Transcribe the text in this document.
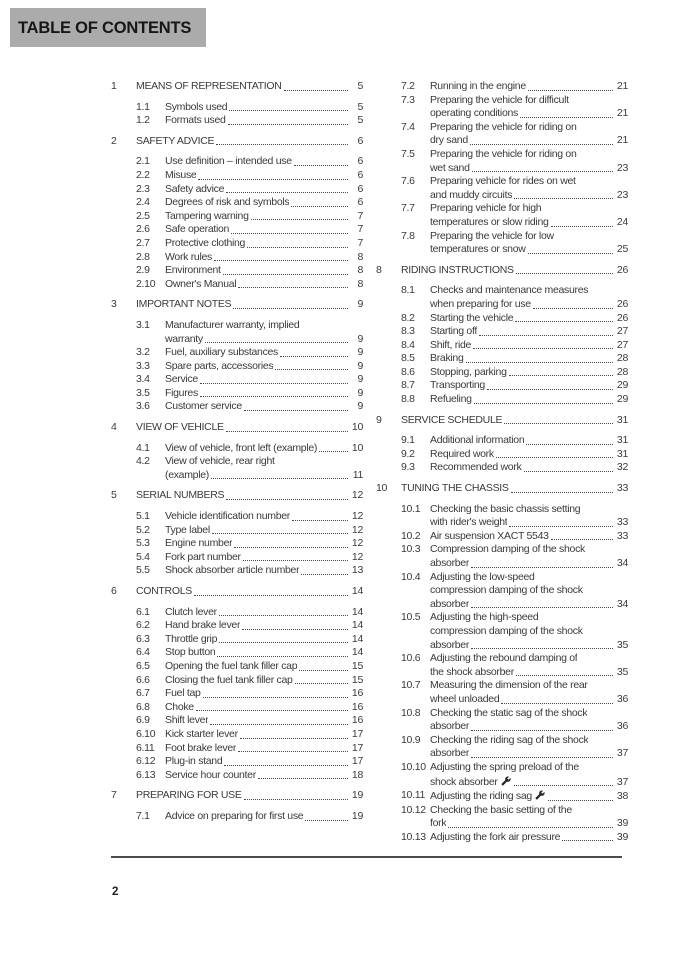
TABLE OF CONTENTS
1	MEANS OF REPRESENTATION	5
1.1	Symbols used	5
1.2	Formats used	5
2	SAFETY ADVICE	6
2.1	Use definition – intended use	6
2.2	Misuse	6
2.3	Safety advice	6
2.4	Degrees of risk and symbols	6
2.5	Tampering warning	7
2.6	Safe operation	7
2.7	Protective clothing	7
2.8	Work rules	8
2.9	Environment	8
2.10 Owner's Manual	8
3	IMPORTANT NOTES	9
3.1	Manufacturer warranty, implied
warranty	9
3.2	Fuel, auxiliary substances	9
3.3	Spare parts, accessories	9
3.4	Service	9
3.5	Figures	9
3.6	Customer service	9
4	VIEW OF VEHICLE	10
4.1	View of vehicle, front left (example)	10
4.2	View of vehicle, rear right
(example)	11
5	SERIAL NUMBERS	12
5.1	Vehicle identification number	12
5.2	Type label	12
5.3	Engine number	12
5.4	Fork part number	12
5.5	Shock absorber article number	13
6	CONTROLS	14
6.1	Clutch lever	14
6.2	Hand brake lever	14
6.3	Throttle grip	14
6.4	Stop button	14
6.5	Opening the fuel tank filler cap	15
6.6	Closing the fuel tank filler cap	15
6.7	Fuel tap	16
6.8	Choke	16
6.9	Shift lever	16
6.10 Kick starter lever	17
6.11	Foot brake lever	17
6.12 Plug-in stand	17
6.13 Service hour counter	18
7	PREPARING FOR USE	19
7.1	Advice on preparing for first use	19
7.2	Running in the engine	21
7.3	Preparing the vehicle for difficult
operating conditions	21
7.4	Preparing the vehicle for riding on
dry sand	21
7.5	Preparing the vehicle for riding on
wet sand	23
7.6	Preparing vehicle for rides on wet
and muddy circuits	23
7.7	Preparing vehicle for high
temperatures or slow riding	24
7.8	Preparing the vehicle for low
temperatures or snow	25
8	RIDING INSTRUCTIONS	26
8.1	Checks and maintenance measures
when preparing for use	26
8.2	Starting the vehicle	26
8.3	Starting off	27
8.4	Shift, ride	27
8.5	Braking	28
8.6	Stopping, parking	28
8.7	Transporting	29
8.8	Refueling	29
9	SERVICE SCHEDULE	31
9.1	Additional information	31
9.2	Required work	31
9.3	Recommended work	32
10	TUNING THE CHASSIS	33
10.1 Checking the basic chassis setting
with rider's weight	33
10.2 Air suspension XACT 5543	33
10.3 Compression damping of the shock
absorber	34
10.4 Adjusting the low-speed
compression damping of the shock
absorber	34
10.5 Adjusting the high-speed
compression damping of the shock
absorber	35
10.6 Adjusting the rebound damping of
the shock absorber	35
10.7 Measuring the dimension of the rear
wheel unloaded	36
10.8 Checking the static sag of the shock
absorber	36
10.9 Checking the riding sag of the shock
absorber	37
10.10 Adjusting the spring preload of the
shock absorber	37
10.11 Adjusting the riding sag	38
10.12 Checking the basic setting of the
fork	39
10.13 Adjusting the fork air pressure	39
2
